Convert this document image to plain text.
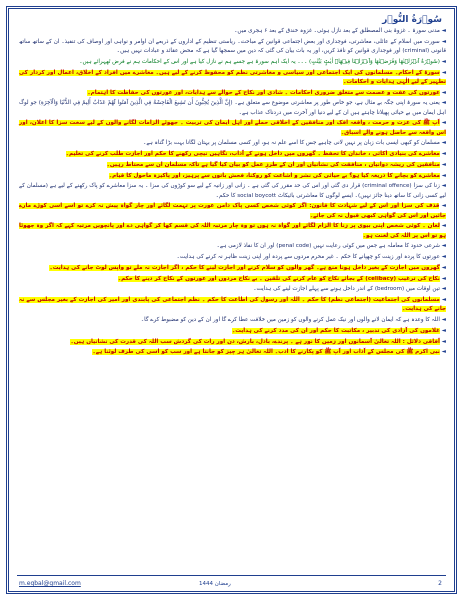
سُوۡرَةُ النُّوۡر

◄ مدنی سورۃ ۔ غزوۂ بنی المصطلق کے بعد نازل ہوئی۔ غزوہ خندق کے بعد ۶ ہجری میں۔

◄ سورت میں اسلام کے عائلی، معاشرتی، فوجداری اور بعض اجتماعی قوانین کے مباحث۔ ریاستی تنظیم کے اداروں کے ذریعے ان اوامر و نواہی اور اوصاف کی تنفیذ۔ ان کے ساتھ ساتھ قانونی (criminal) اور فوجداری قوانین کو نافذ کریں، اور یہ بات بیان کی گئی کہ دین میں سمجھا گیا ہے کہ محض عقائد و عبادات نہیں ہیں۔

◄ (سُوۡرَةٌ اَنۡزَلۡنٰهَا وَفَرَضۡنٰهَا وَاَنۡزَلۡنَا فِيۡهَاۤ اٰيٰتٍۢ بَيِّنٰتٍ) ۔۔۔ یہ ایک اہم سورۃ ہے جسے ہم نے نازل کیا ہے اور اس کے احکامات ہم نے فرض ٹھہرائے ہیں۔

◄ سورۃ کے احکام۔ مسلمانوں کی ایک اجتماعی اور سیاسی و معاشرتی نظم کو محفوظ کرنے کے لیے ہیں۔ معاشرے میں افراد کے اخلاق، اعمال اور کردار کی تطہیر کے لیے الٰہی ہدایات و احکامات۔

◄ عورتوں کی عفت و عصمت سے متعلق ضروری احکامات ۔ شادی اور نکاح کے حوالے سے ہدایات، اور عورتوں کی حفاظت کا اہتمام۔

◄ یعنی یہ سورۃ اپنی جگہ بے مثال ہے، جو خاص طور پر معاشرتی موضوع سے متعلق ہے۔ (إِنَّ الَّذِينَ يُحِبُّونَ أَن تَشِيعَ الْفَاحِشَةُ فِي الَّذِينَ آمَنُوا لَهُمْ عَذَابٌ أَلِيمٌ فِي الدُّنْيَا وَالْآخِرَةِ) جو لوگ اہل ایمان میں بے حیائی پھیلانا چاہتے ہیں ان کے لیے دنیا اور آخرت میں دردناک عذاب ہے۔

◄ آپ ﷺ کی عزت و حرمت ، واقعہ افک اور منافقین کے اخلاقی حملے اور اہل ایمان کی تربیت ۔ جھوٹے الزامات لگانے والوں کے لیے سخت سزا کا اعلان، اور اس واقعہ سے حاصل ہونے والے اسباق۔

◄ مسلمان کو کبھی ایسی بات زبان پر نہیں لانی چاہیے جس کا اسے علم نہ ہو، اور کسی مسلمان پر بہتان لگانا بہت بڑا گناہ ہے۔

◄ معاشرے کی بنیادی اکائی ، خاندان کا تحفظ ۔ گھروں میں داخل ہونے کے آداب، نگاہیں نیچی رکھنے کا حکم اور اجازت طلب کرنے کی تعلیم۔

◄ منافقین کی ریشہ دوانیاں ، منافقت کی نشانیاں اور ان کے طرزِ عمل کو بیان کیا گیا ہے تاکہ مسلمان ان سے محتاط رہیں۔

◄ معاشرے کو بچانے کا ذریعہ کیا ہو؟ بے حیائی کی نشر و اشاعت کو روکنا، فحش باتوں سے پرہیز، اور پاکیزہ ماحول کا قیام۔

◄ زنا کی سزا (criminal offence) قرار دی گئی اور اس کی حد مقرر کی گئی ہے ۔ زانی اور زانیہ کے لیے سو کوڑوں کی سزا ۔ یہ سزا معاشرے کو پاک رکھنے کے لیے ہے (مسلمان کے لیے کسی زانی کا ساتھ دینا جائز نہیں)۔ ایسے لوگوں کا معاشرتی بائیکاٹ social boycott کا حکم۔

◄ قذف کی سزا اور اس کے لیے شہادت کا قانون: اگر کوئی شخص کسی پاک دامن عورت پر تہمت لگائے اور چار گواہ پیش نہ کرے تو اسے اسی کوڑے مارے جائیں اور اس کی گواہی کبھی قبول نہ کی جائے۔

◄ لعان ۔ کوئی شخص اپنی بیوی پر زنا کا الزام لگائے اور گواہ نہ ہوں تو وہ چار مرتبہ اللہ کی قسم کھا کر گواہی دے اور پانچویں مرتبہ کہے کہ اگر وہ جھوٹا ہو تو اس پر اللہ کی لعنت ہو۔

◄ شرعی حدود کا معاملہ ہے جس میں کوئی رعایت نہیں (penal code) اور ان کا نفاذ لازمی ہے۔

◄ عورتوں کا پردہ اور زینت کو چھپانے کا حکم ۔ غیر محرم مردوں سے پردہ اور اپنی زینت ظاہر نہ کرنے کی ہدایت۔

◄ گھروں میں اجازت کے بغیر داخل ہونا منع ہے۔ گھر والوں کو سلام کرنے اور اجازت لینے کا حکم ، اگر اجازت نہ ملے تو واپس لوٹ جانے کی ہدایت۔

◄ نکاح کی ترغیب (celibacy) کے بجائے نکاح کو عام کرنے کی تلقین ۔ بے نکاح مردوں اور عورتوں کے نکاح کر دینے کا حکم۔

◄ تین اوقات میں (bedroom) کے اندر داخل ہونے سے پہلے اجازت لینے کی ہدایت۔

◄ مسلمانوں کی اجتماعیت (اجتماعی نظم) کا حکم ۔ اللہ اور رسول کی اطاعت کا حکم ۔ نظم اجتماعی کی پابندی اور امیر کی اجازت کے بغیر مجلس سے نہ جانے کی ہدایت۔

◄ اللہ کا وعدہ ہے کہ ایمان لانے والوں اور نیک عمل کرنے والوں کو زمین میں خلافت عطا کرے گا اور ان کے دین کو مضبوط کرے گا۔

◄ غلاموں کی آزادی کی تدبیر ، مکاتبت کا حکم اور ان کی مدد کرنے کی ہدایت۔

◄ آفاقی دلائل : اللہ تعالیٰ آسمانوں اور زمین کا نور ہے ۔ پرندے، بادل، بارش، دن اور رات کی گردش سب اللہ کی قدرت کی نشانیاں ہیں۔

◄ نبی اکرم ﷺ کی مجلس کے آداب اور آپ ﷺ کو پکارنے کا ادب۔ اللہ تعالیٰ ہر چیز کو جانتا ہے اور سب کو اسی کی طرف لوٹنا ہے۔

m.eqbal@gmail.com	رمضان 1444	2
